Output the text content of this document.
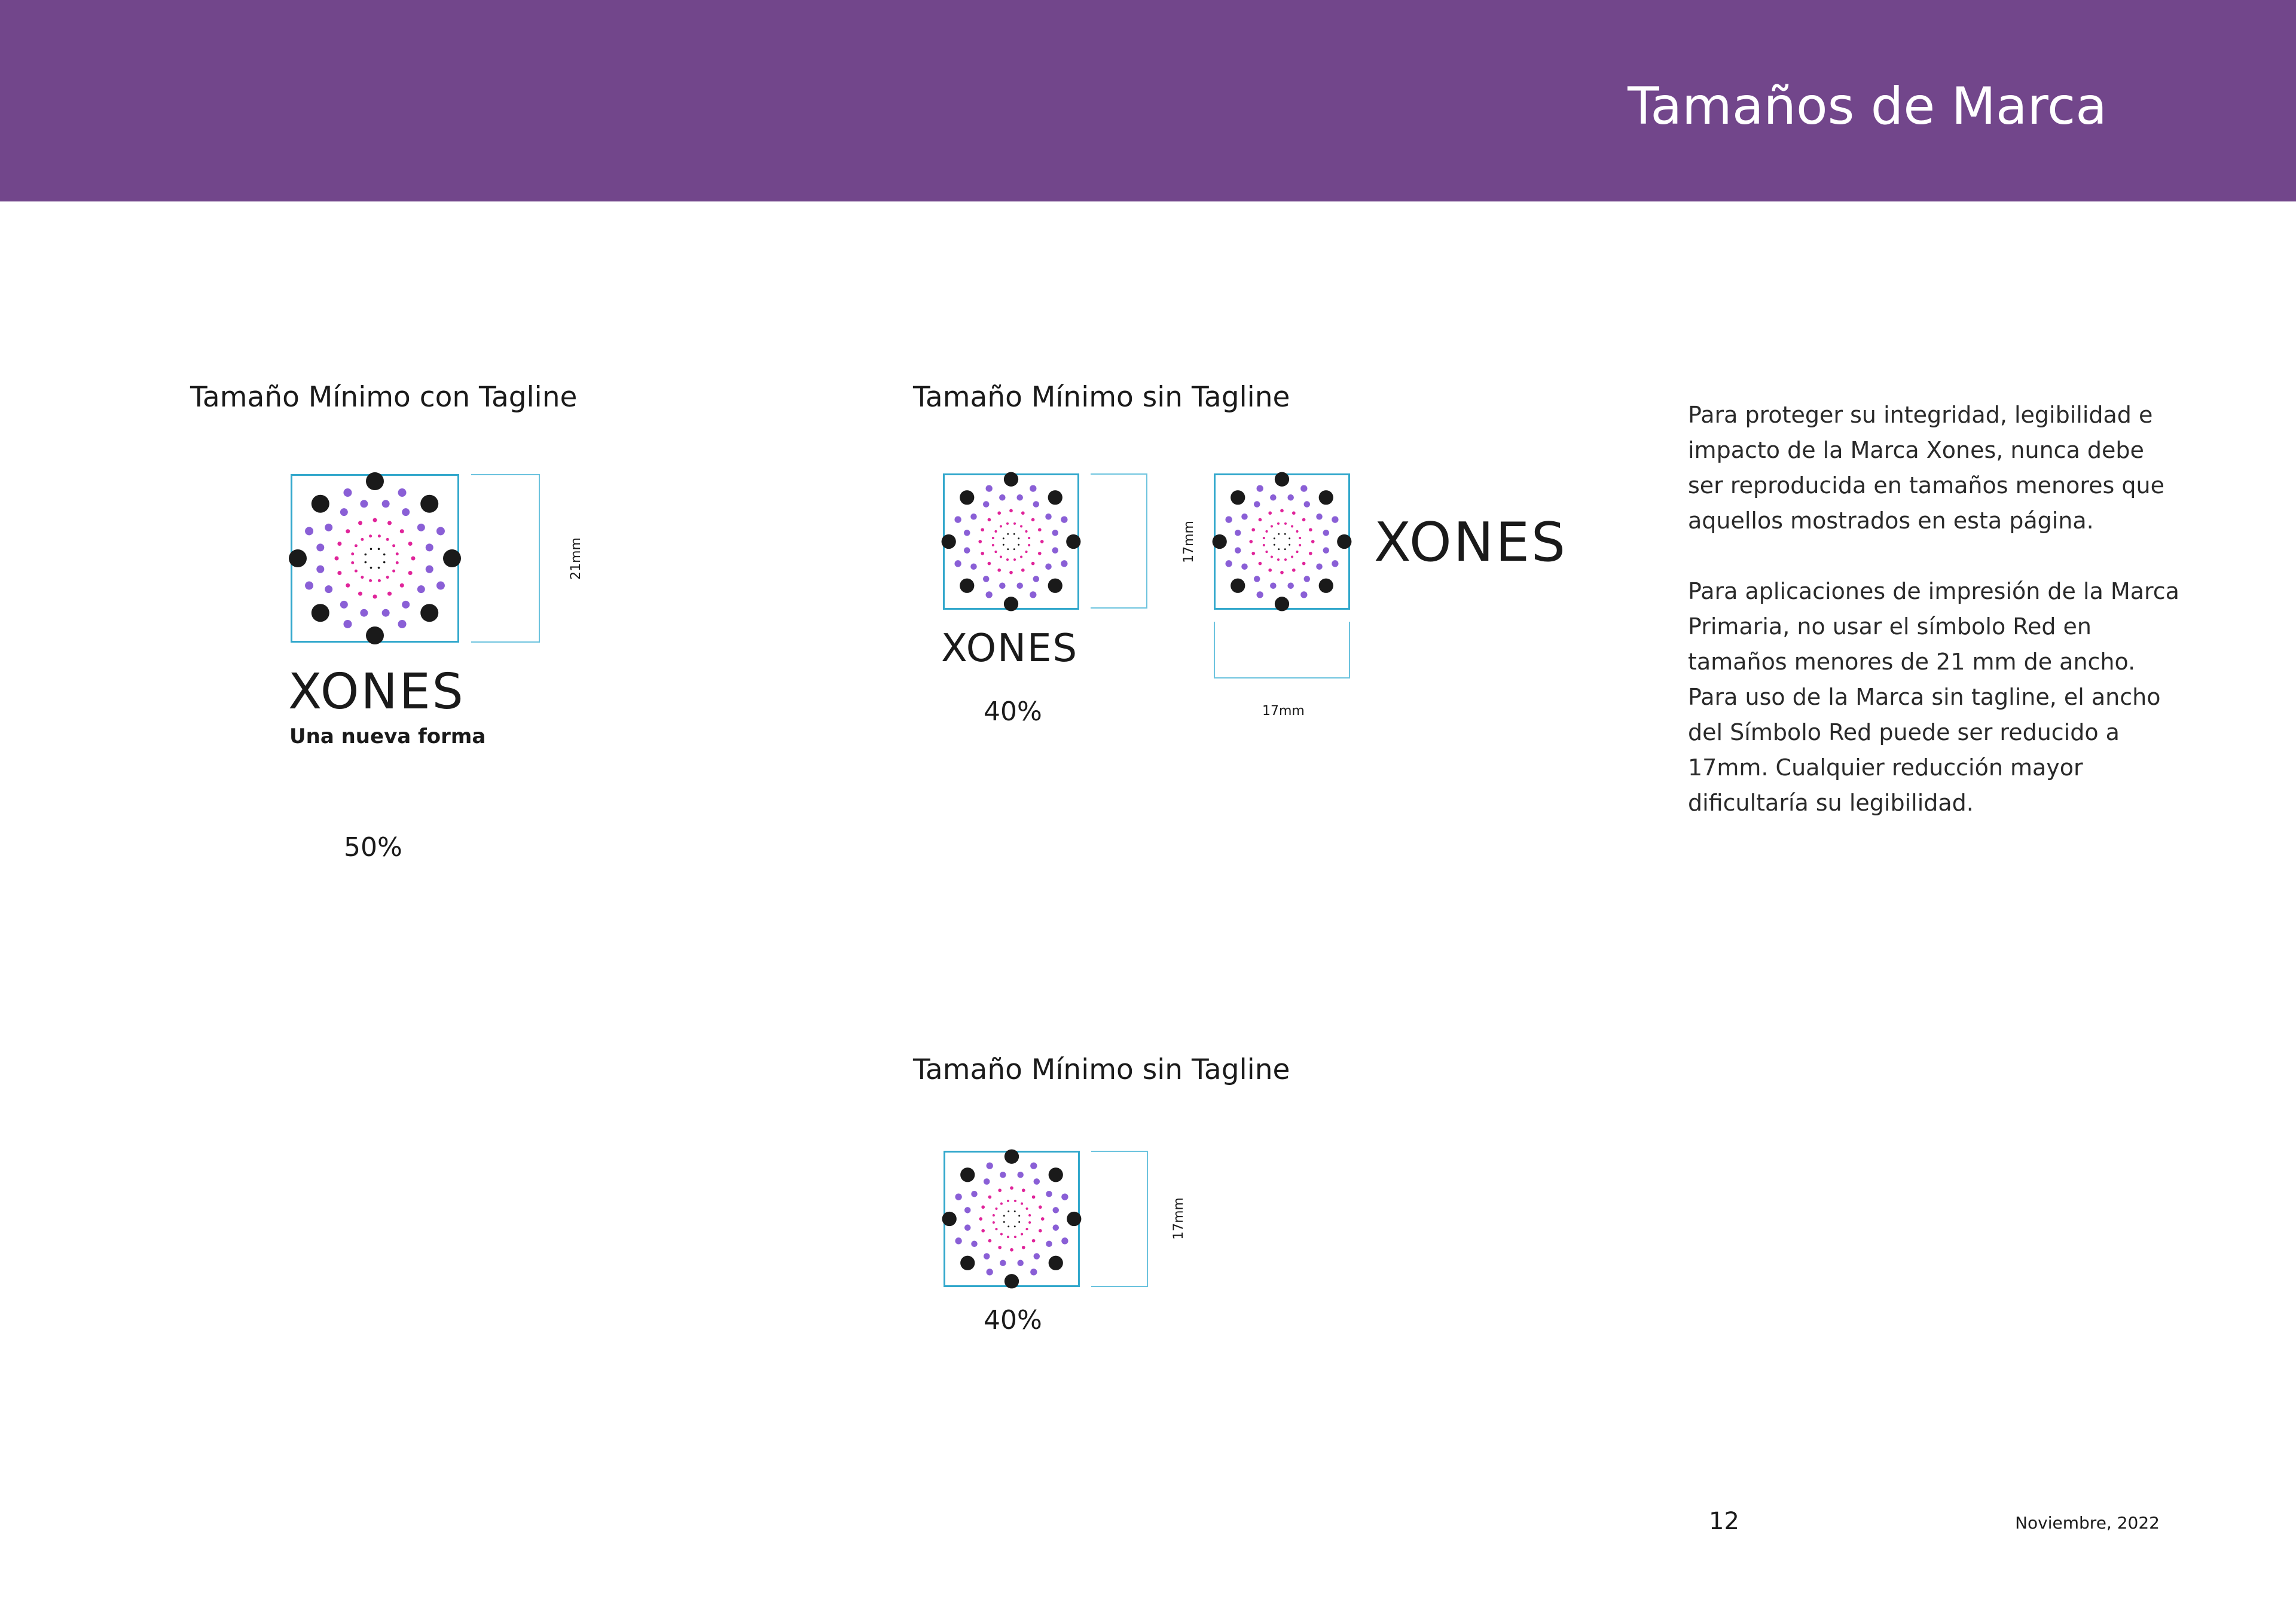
Tamaños de Marca
Tamaño Mínimo con Tagline
21mm
XONES
Una nueva forma
50%
Tamaño Mínimo sin Tagline
XONES
40%
17mm	XONES
17mm
Tamaño Mínimo sin Tagline
17mm
40%

Para proteger su integridad, legibilidad e impacto de la Marca Xones, nunca debe ser reproducida en tamaños menores que aquellos mostrados en esta página.

Para aplicaciones de impresión de la Marca Primaria, no usar el símbolo Red en tamaños menores de 21 mm de ancho. Para uso de la Marca sin tagline, el ancho del Símbolo Red puede ser reducido a 17mm. Cualquier reducción mayor dificultaría su legibilidad.

12	Noviembre, 2022
